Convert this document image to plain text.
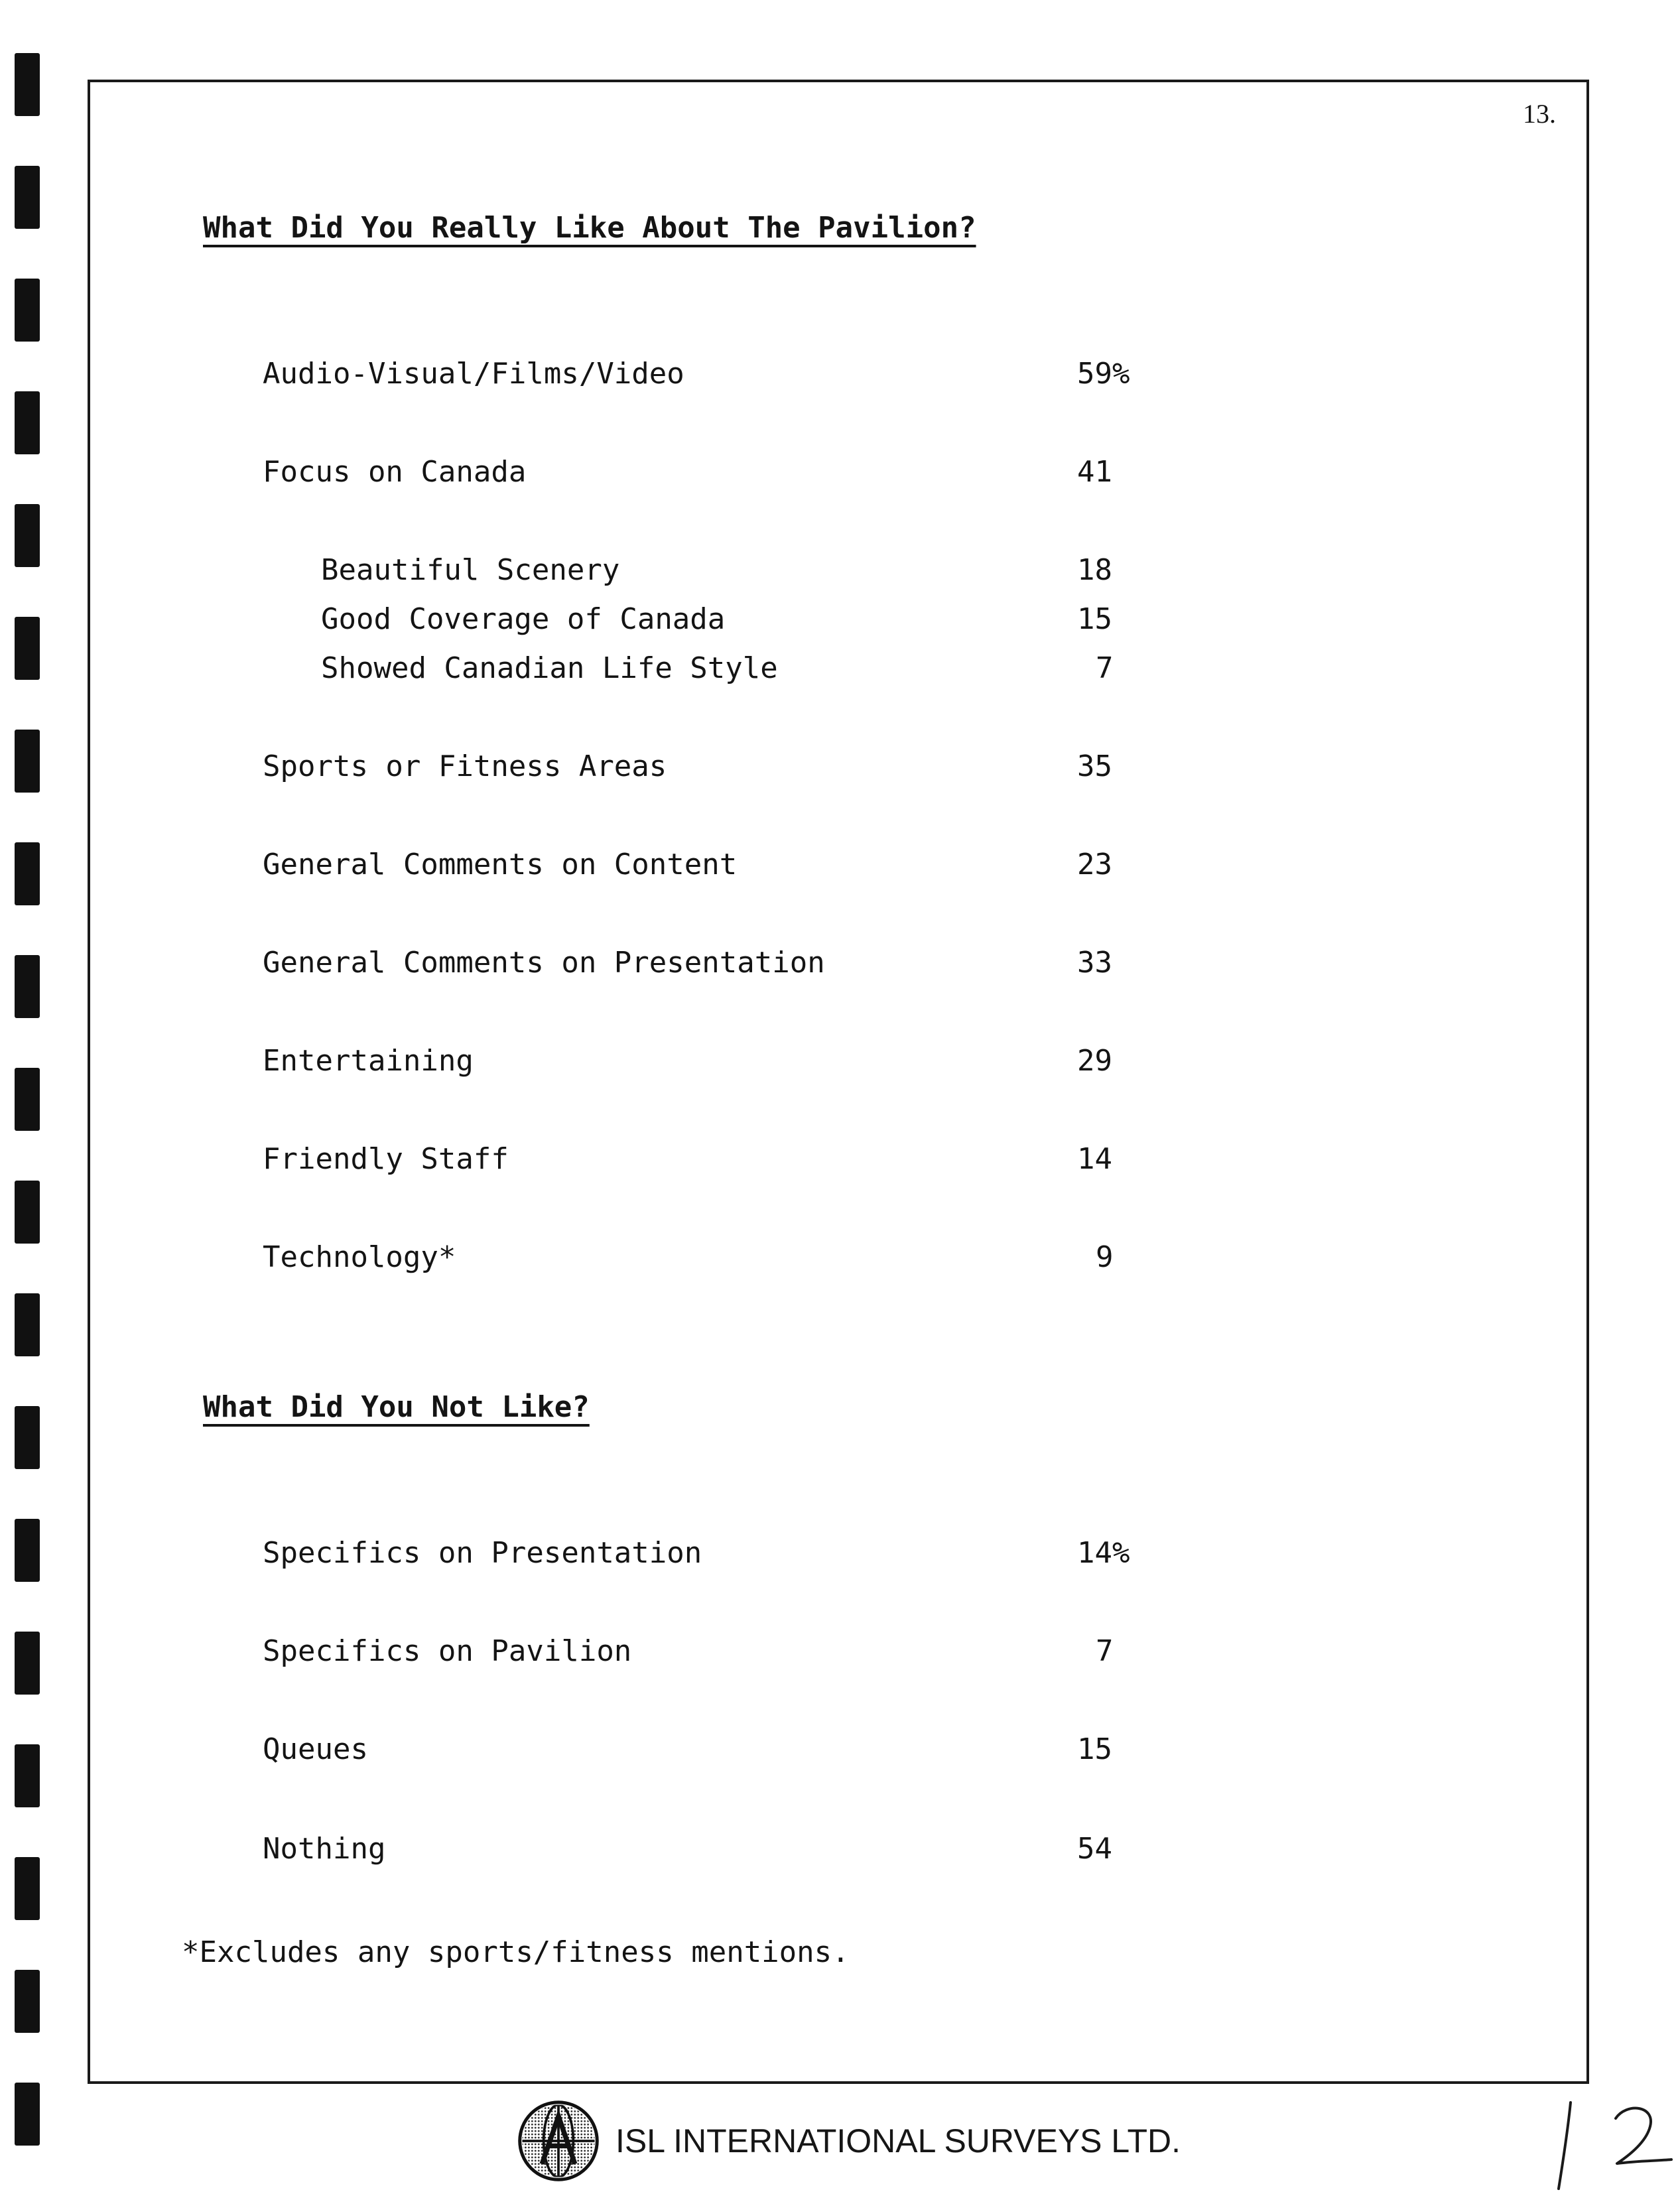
13.
What Did You Really Like About The Pavilion?
Audio-Visual/Films/Video	59%
Focus on Canada	41
Beautiful Scenery	18
Good Coverage of Canada	15
Showed Canadian Life Style	7
Sports or Fitness Areas	35
General Comments on Content	23
General Comments on Presentation	33
Entertaining	29
Friendly Staff	14
Technology*	9
What Did You Not Like?
Specifics on Presentation	14%
Specifics on Pavilion	7
Queues	15
Nothing	54
*Excludes any sports/fitness mentions.
ISL INTERNATIONAL SURVEYS LTD.
